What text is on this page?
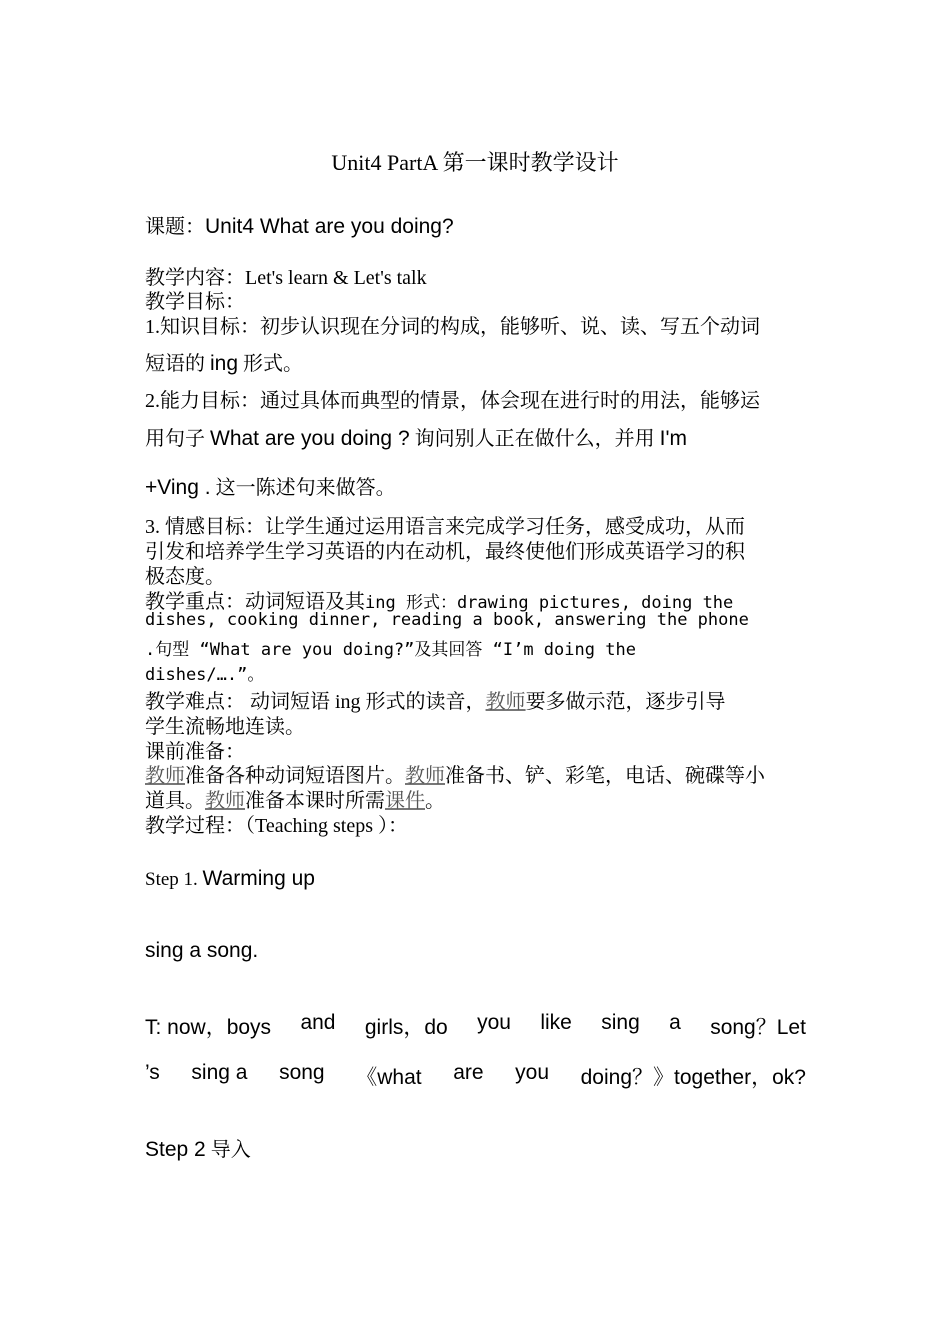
Unit4 PartA 第一课时教学设计
课题：Unit4 What are you doing?
教学内容：Let's learn & Let's talk
教学目标：
1.知识目标：初步认识现在分词的构成，能够听、说、读、写五个动词
短语的 ing 形式。
2.能力目标：通过具体而典型的情景，体会现在进行时的用法，能够运
用句子 What are you doing ? 询问别人正在做什么，并用 I'm
+Ving . 这一陈述句来做答。
3. 情感目标：让学生通过运用语言来完成学习任务，感受成功，从而
引发和培养学生学习英语的内在动机，最终使他们形成英语学习的积
极态度。
教学重点：动词短语及其ing 形式：drawing pictures, doing the
dishes, cooking dinner, reading a book, answering the phone
.句型 “What are you doing?”及其回答 “I’m doing the
dishes/….”。
教学难点： 动词短语 ing 形式的读音，教师要多做示范，逐步引导
学生流畅地连读。
课前准备：
教师准备各种动词短语图片。教师准备书、铲、彩笔，电话、碗碟等小
道具。教师准备本课时所需课件。
教学过程：（Teaching steps ）：
Step 1. Warming up
sing a song.
T: now，boys and girls，do you like sing a song？Let
’s sing a song 《what are you doing？》together，ok?
Step 2 导入
